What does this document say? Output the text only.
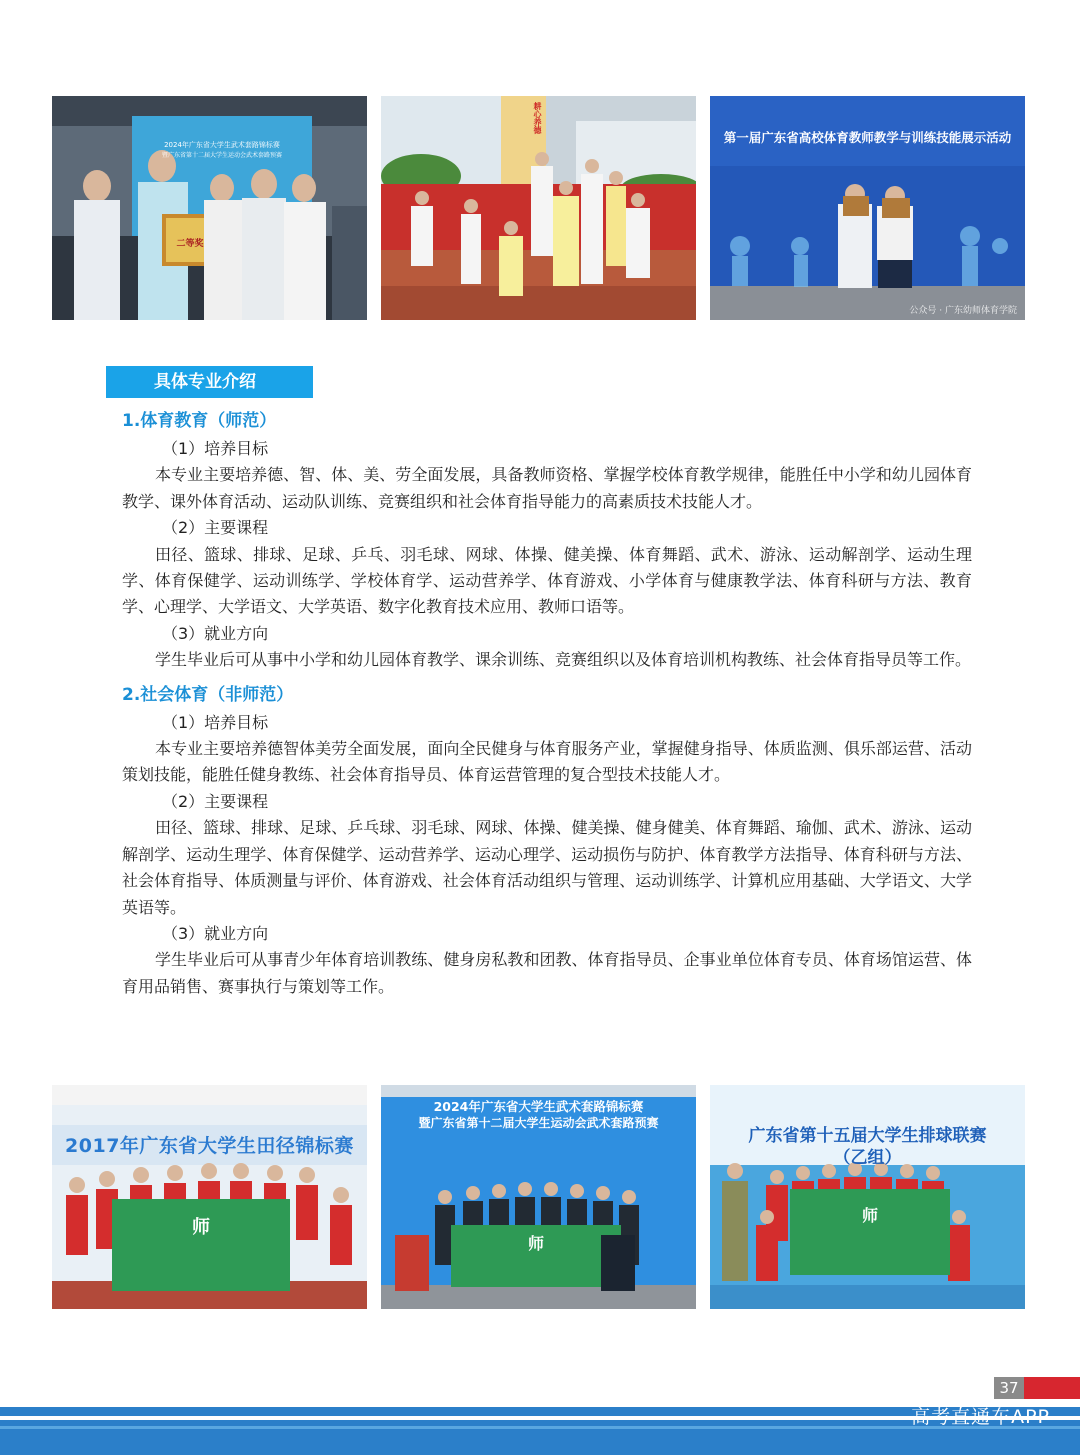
2024年广东省大学生武术套路锦标赛
暨广东省第十二届大学生运动会武术套路预赛
二等奖
耕心养德
第一届广东省高校体育教师教学与训练技能展示活动
公众号 · 广东幼师体育学院
具体专业介绍
1.体育教育（师范）
（1）培养目标
本专业主要培养德、智、体、美、劳全面发展，具备教师资格、掌握学校体育教学规律，能胜任中小学和幼儿园体育教学、课外体育活动、运动队训练、竞赛组织和社会体育指导能力的高素质技术技能人才。
（2）主要课程
田径、篮球、排球、足球、乒乓、羽毛球、网球、体操、健美操、体育舞蹈、武术、游泳、运动解剖学、运动生理学、体育保健学、运动训练学、学校体育学、运动营养学、体育游戏、小学体育与健康教学法、体育科研与方法、教育学、心理学、大学语文、大学英语、数字化教育技术应用、教师口语等。
（3）就业方向
学生毕业后可从事中小学和幼儿园体育教学、课余训练、竞赛组织以及体育培训机构教练、社会体育指导员等工作。
2.社会体育（非师范）
（1）培养目标
本专业主要培养德智体美劳全面发展，面向全民健身与体育服务产业，掌握健身指导、体质监测、俱乐部运营、活动策划技能，能胜任健身教练、社会体育指导员、体育运营管理的复合型技术技能人才。
（2）主要课程
田径、篮球、排球、足球、乒乓球、羽毛球、网球、体操、健美操、健身健美、体育舞蹈、瑜伽、武术、游泳、运动解剖学、运动生理学、体育保健学、运动营养学、运动心理学、运动损伤与防护、体育教学方法指导、体育科研与方法、社会体育指导、体质测量与评价、体育游戏、社会体育活动组织与管理、运动训练学、计算机应用基础、大学语文、大学英语等。
（3）就业方向
学生毕业后可从事青少年体育培训教练、健身房私教和团教、体育指导员、企事业单位体育专员、体育场馆运营、体育用品销售、赛事执行与策划等工作。
2017年广东省大学生田径锦标赛
师
2024年广东省大学生武术套路锦标赛
暨广东省第十二届大学生运动会武术套路预赛
师
广东省第十五届大学生排球联赛
（乙组）
师
37
高考直通车APP
